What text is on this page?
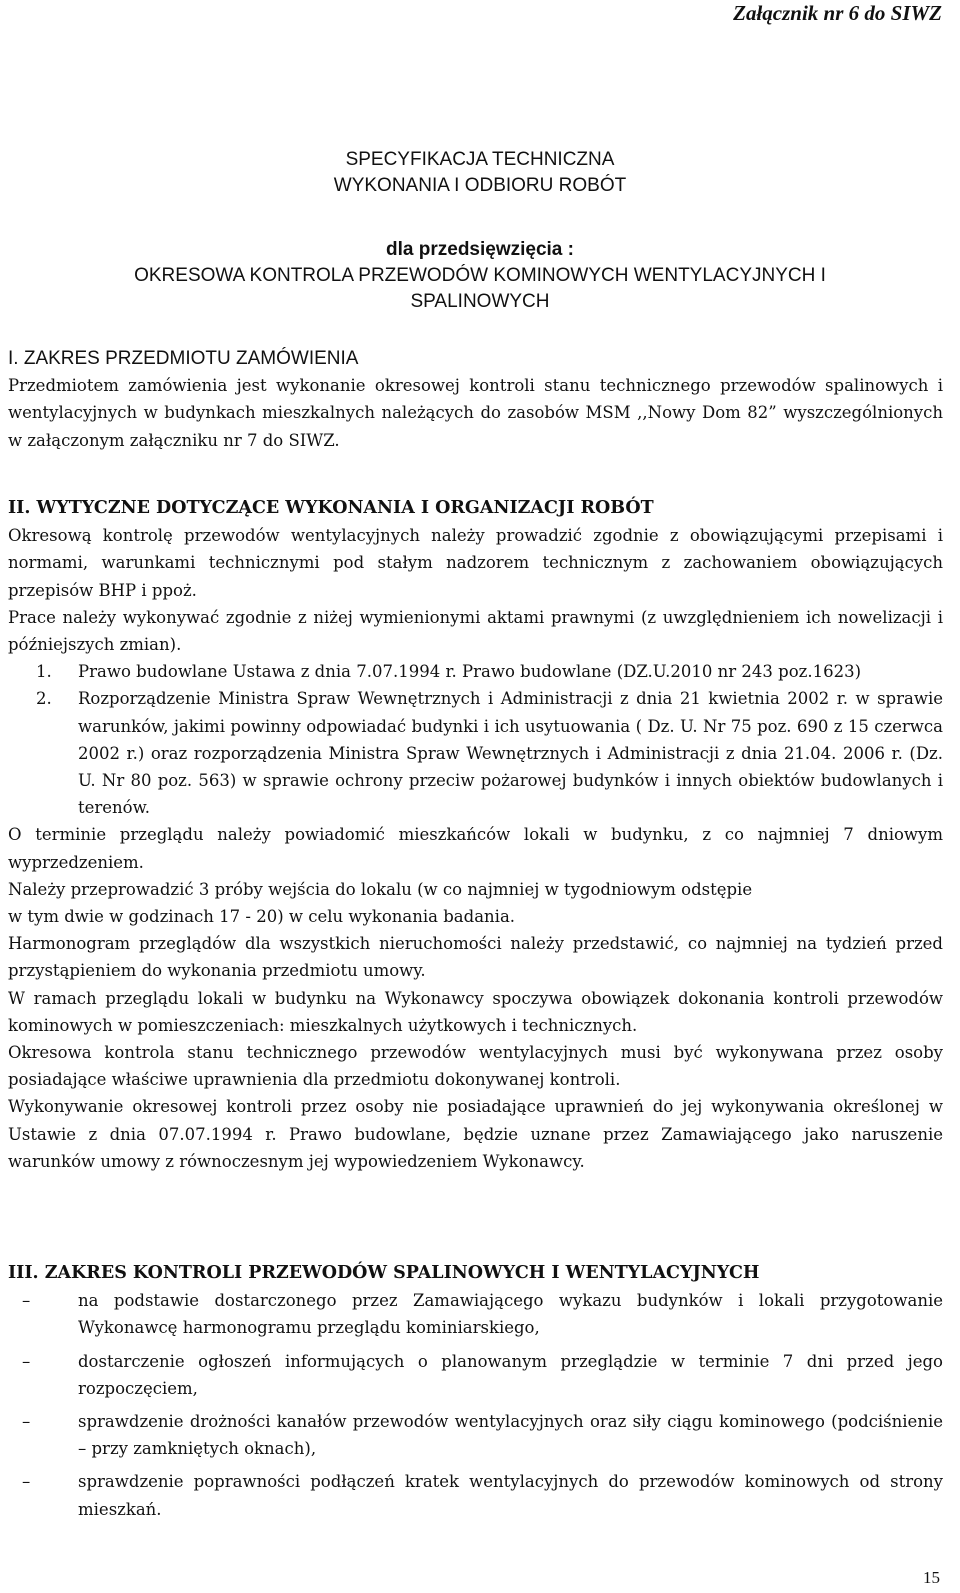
Załącznik nr 6 do SIWZ
SPECYFIKACJA TECHNICZNA
WYKONANIA I ODBIORU ROBÓT
dla przedsięwzięcia :
OKRESOWA KONTROLA PRZEWODÓW KOMINOWYCH WENTYLACYJNYCH I
SPALINOWYCH

I. ZAKRES PRZEDMIOTU ZAMÓWIENIA

Przedmiotem zamówienia jest wykonanie okresowej kontroli stanu technicznego przewodów spalinowych i wentylacyjnych w budynkach mieszkalnych należących do zasobów MSM ,,Nowy Dom 82” wyszczególnionych w załączonym załączniku nr 7 do SIWZ.

II. WYTYCZNE DOTYCZĄCE WYKONANIA I ORGANIZACJI ROBÓT

Okresową kontrolę przewodów wentylacyjnych należy prowadzić zgodnie z obowiązującymi przepisami i normami, warunkami technicznymi pod stałym nadzorem technicznym z zachowaniem obowiązujących przepisów BHP i ppoż.

Prace należy wykonywać zgodnie z niżej wymienionymi aktami prawnymi (z uwzględnieniem ich nowelizacji i późniejszych zmian).

1. Prawo budowlane Ustawa z dnia 7.07.1994 r. Prawo budowlane (DZ.U.2010 nr 243 poz.1623)
2. Rozporządzenie Ministra Spraw Wewnętrznych i Administracji z dnia 21 kwietnia 2002 r. w sprawie warunków, jakimi powinny odpowiadać budynki i ich usytuowania ( Dz. U. Nr 75 poz. 690 z 15 czerwca 2002 r.) oraz rozporządzenia Ministra Spraw Wewnętrznych i Administracji z dnia 21.04. 2006 r. (Dz. U. Nr 80 poz. 563) w sprawie ochrony przeciw pożarowej budynków i innych obiektów budowlanych i terenów.

O terminie przeglądu należy powiadomić mieszkańców lokali w budynku, z co najmniej 7 dniowym wyprzedzeniem.

Należy przeprowadzić 3 próby wejścia do lokalu (w co najmniej w tygodniowym odstępie

w tym dwie w godzinach 17 - 20) w celu wykonania badania.

Harmonogram przeglądów dla wszystkich nieruchomości należy przedstawić, co najmniej na tydzień przed przystąpieniem do wykonania przedmiotu umowy.

W ramach przeglądu lokali w budynku na Wykonawcy spoczywa obowiązek dokonania kontroli przewodów kominowych w pomieszczeniach: mieszkalnych użytkowych i technicznych.

Okresowa kontrola stanu technicznego przewodów wentylacyjnych musi być wykonywana przez osoby posiadające właściwe uprawnienia dla przedmiotu dokonywanej kontroli.

Wykonywanie okresowej kontroli przez osoby nie posiadające uprawnień do jej wykonywania określonej w Ustawie z dnia 07.07.1994 r. Prawo budowlane, będzie uznane przez Zamawiającego jako naruszenie warunków umowy z równoczesnym jej wypowiedzeniem Wykonawcy.

III. ZAKRES KONTROLI PRZEWODÓW SPALINOWYCH I WENTYLACYJNYCH

–	na podstawie dostarczonego przez Zamawiającego wykazu budynków i lokali przygotowanie Wykonawcę harmonogramu przeglądu kominiarskiego,
–	dostarczenie ogłoszeń informujących o planowanym przeglądzie w terminie 7 dni przed jego rozpoczęciem,
–	sprawdzenie drożności kanałów przewodów wentylacyjnych oraz siły ciągu kominowego (podciśnienie – przy zamkniętych oknach),
–	sprawdzenie poprawności podłączeń kratek wentylacyjnych do przewodów kominowych od strony mieszkań.
15
